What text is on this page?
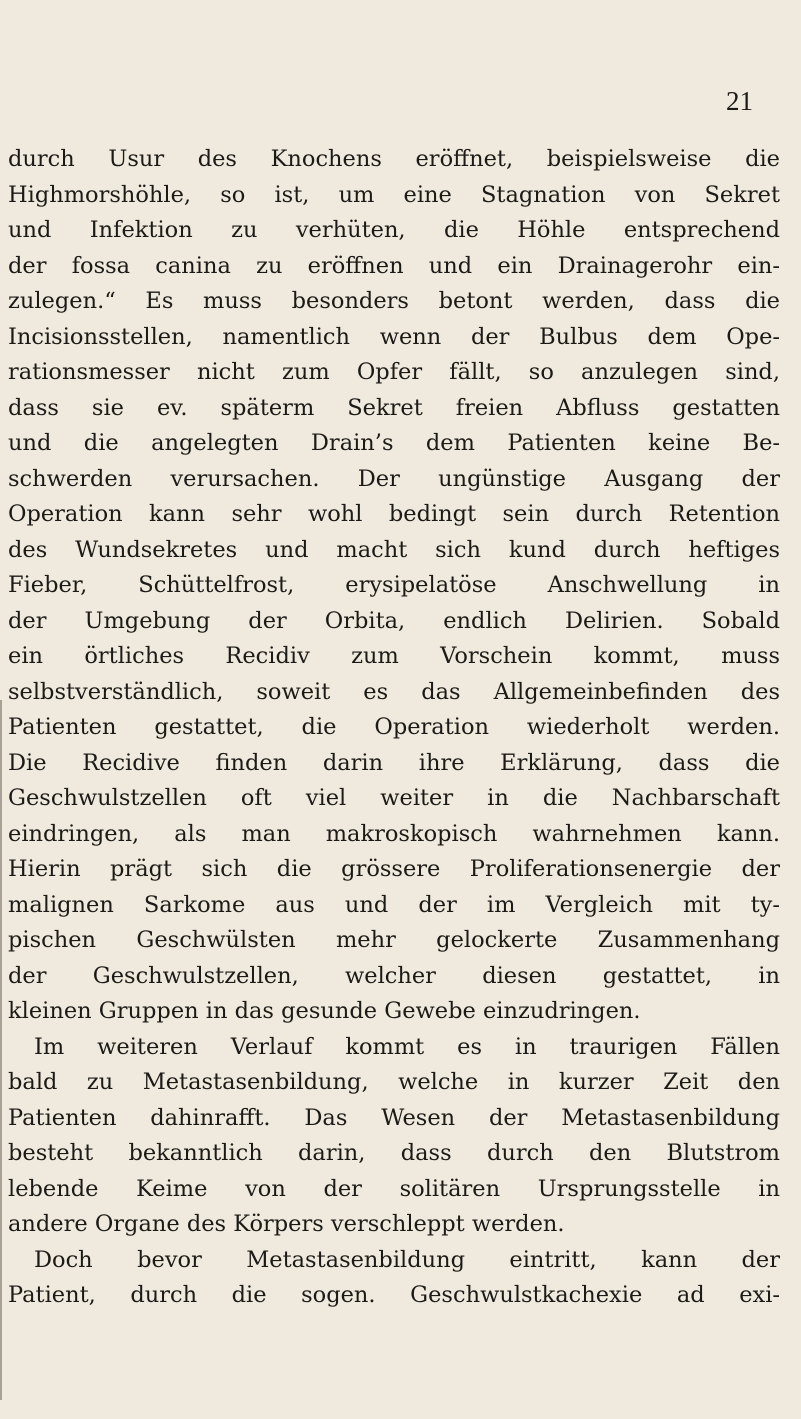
21
durch Usur des Knochens eröffnet, beispielsweise die
Highmorshöhle, so ist, um eine Stagnation von Sekret
und Infektion zu verhüten, die Höhle entsprechend
der fossa canina zu eröffnen und ein Drainagerohr ein-
zulegen.“ Es muss besonders betont werden, dass die
Incisionsstellen, namentlich wenn der Bulbus dem Ope-
rationsmesser nicht zum Opfer fällt, so anzulegen sind,
dass sie ev. späterm Sekret freien Abfluss gestatten
und die angelegten Drain’s dem Patienten keine Be-
schwerden verursachen. Der ungünstige Ausgang der
Operation kann sehr wohl bedingt sein durch Retention
des Wundsekretes und macht sich kund durch heftiges
Fieber, Schüttelfrost, erysipelatöse Anschwellung in
der Umgebung der Orbita, endlich Delirien. Sobald
ein örtliches Recidiv zum Vorschein kommt, muss
selbstverständlich, soweit es das Allgemeinbefinden des
Patienten gestattet, die Operation wiederholt werden.
Die Recidive finden darin ihre Erklärung, dass die
Geschwulstzellen oft viel weiter in die Nachbarschaft
eindringen, als man makroskopisch wahrnehmen kann.
Hierin prägt sich die grössere Proliferationsenergie der
malignen Sarkome aus und der im Vergleich mit ty-
pischen Geschwülsten mehr gelockerte Zusammenhang
der Geschwulstzellen, welcher diesen gestattet, in
kleinen Gruppen in das gesunde Gewebe einzudringen.
Im weiteren Verlauf kommt es in traurigen Fällen
bald zu Metastasenbildung, welche in kurzer Zeit den
Patienten dahinrafft. Das Wesen der Metastasenbildung
besteht bekanntlich darin, dass durch den Blutstrom
lebende Keime von der solitären Ursprungsstelle in
andere Organe des Körpers verschleppt werden.
Doch bevor Metastasenbildung eintritt, kann der
Patient, durch die sogen. Geschwulstkachexie ad exi-
